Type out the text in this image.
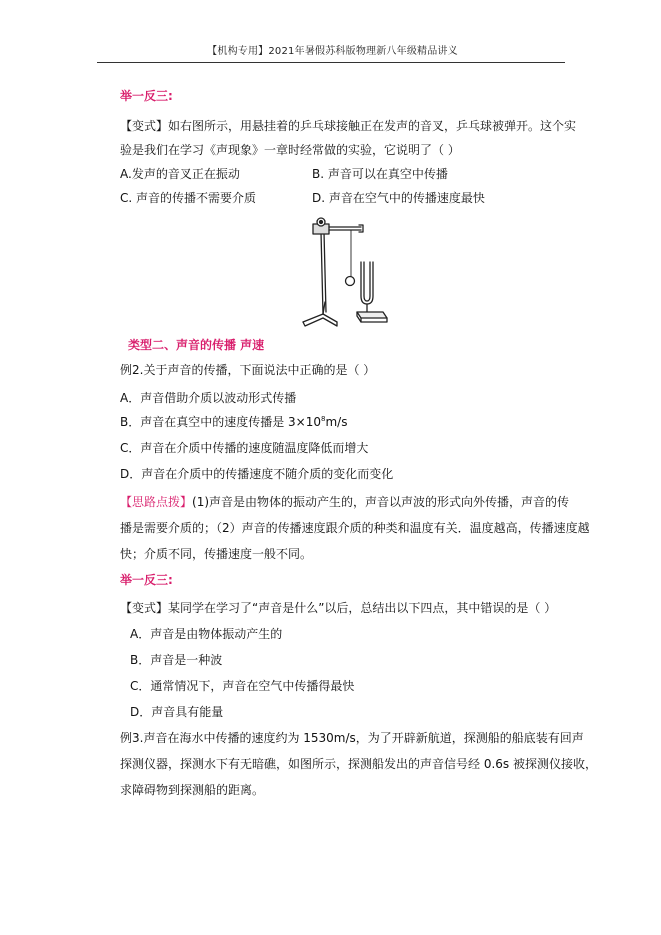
【机构专用】2021年暑假苏科版物理新八年级精品讲义
举一反三:
【变式】如右图所示，用悬挂着的乒乓球接触正在发声的音叉，乒乓球被弹开。这个实
验是我们在学习《声现象》一章时经常做的实验，它说明了（ ）
A.发声的音叉正在振动	B. 声音可以在真空中传播
C. 声音的传播不需要介质	D. 声音在空气中的传播速度最快
类型二、声音的传播 声速
例2.关于声音的传播，下面说法中正确的是（ ）
A．声音借助介质以波动形式传播
B．声音在真空中的速度传播是 $3\times 10^8m/s$
C．声音在介质中传播的速度随温度降低而增大
D．声音在介质中的传播速度不随介质的变化而变化
【思路点拨】(1)声音是由物体的振动产生的，声音以声波的形式向外传播，声音的传
播是需要介质的；（2）声音的传播速度跟介质的种类和温度有关．温度越高，传播速度越
快；介质不同，传播速度一般不同。
举一反三:
【变式】某同学在学习了“声音是什么”以后，总结出以下四点，其中错误的是（ ）
A．声音是由物体振动产生的
B．声音是一种波
C．通常情况下，声音在空气中传播得最快
D．声音具有能量
例3.声音在海水中传播的速度约为 1530m/s，为了开辟新航道，探测船的船底装有回声
探测仪器，探测水下有无暗礁，如图所示，探测船发出的声音信号经 0.6s 被探测仪接收，
求障碍物到探测船的距离。
